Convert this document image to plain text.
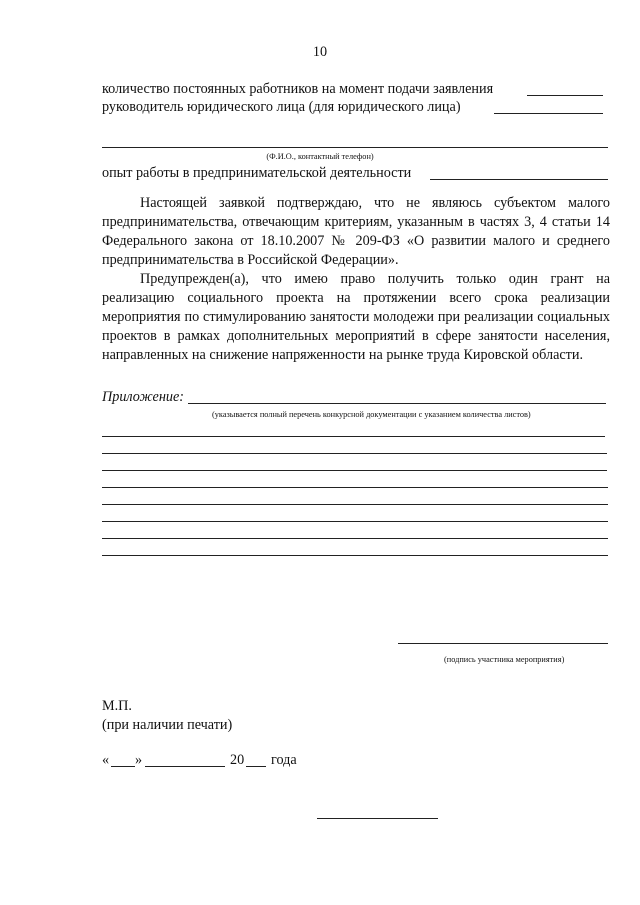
10
количество постоянных работников на момент подачи заявления
руководитель юридического лица (для юридического лица)
(Ф.И.О., контактный телефон)
опыт работы в предпринимательской деятельности

Настоящей заявкой подтверждаю, что не являюсь субъектом малого предпринимательства, отвечающим критериям, указанным в частях 3, 4 статьи 14 Федерального закона от 18.10.2007 № 209-ФЗ «О развитии малого и среднего предпринимательства в Российской Федерации».

Предупрежден(а), что имею право получить только один грант на реализацию социального проекта на протяжении всего срока реализации мероприятия по стимулированию занятости молодежи при реализации социальных проектов в рамках дополнительных мероприятий в сфере занятости населения, направленных на снижение напряженности на рынке труда Кировской области.

Приложение:
(указывается полный перечень конкурсной документации с указанием количества листов)
(подпись участника мероприятия)
М.П.
(при наличии печати)
« »	20 года
